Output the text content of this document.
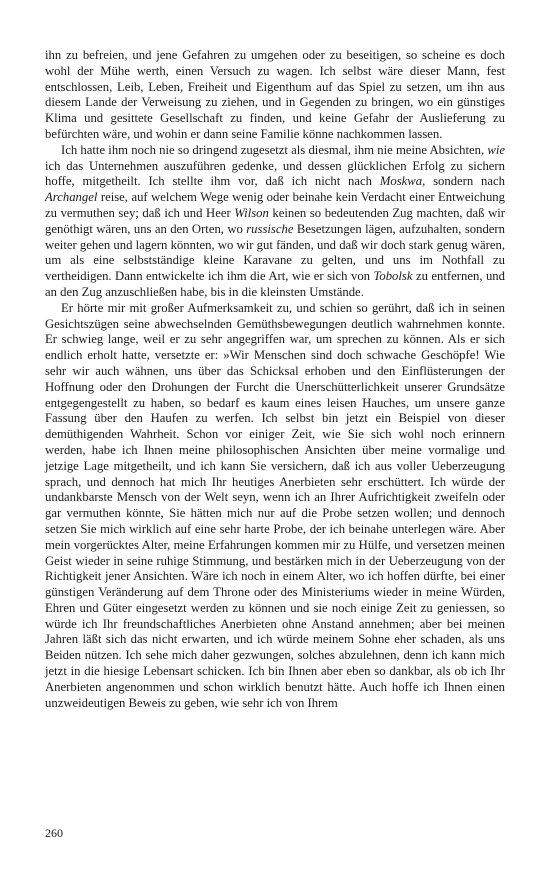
ihn zu befreien, und jene Gefahren zu umgehen oder zu beseitigen, so scheine es doch wohl der Mühe werth, einen Versuch zu wagen. Ich selbst wäre dieser Mann, fest entschlossen, Leib, Leben, Freiheit und Eigenthum auf das Spiel zu setzen, um ihn aus diesem Lande der Verweisung zu ziehen, und in Gegenden zu bringen, wo ein günstiges Klima und gesittete Gesellschaft zu finden, und keine Gefahr der Auslieferung zu befürchten wäre, und wohin er dann seine Familie könne nachkommen lassen.

Ich hatte ihm noch nie so dringend zugesetzt als diesmal, ihm nie meine Absichten, wie ich das Unternehmen auszuführen gedenke, und dessen glücklichen Erfolg zu sichern hoffe, mitgetheilt. Ich stellte ihm vor, daß ich nicht nach Moskwa, sondern nach Archangel reise, auf welchem Wege wenig oder beinahe kein Verdacht einer Entweichung zu vermuthen sey; daß ich und Heer Wilson keinen so bedeutenden Zug machten, daß wir genöthigt wären, uns an den Orten, wo russische Besetzungen lägen, aufzuhalten, sondern weiter gehen und lagern könnten, wo wir gut fänden, und daß wir doch stark genug wären, um als eine selbstständige kleine Karavane zu gelten, und uns im Nothfall zu vertheidigen. Dann entwickelte ich ihm die Art, wie er sich von Tobolsk zu entfernen, und an den Zug anzuschließen habe, bis in die kleinsten Umstände.

Er hörte mir mit großer Aufmerksamkeit zu, und schien so gerührt, daß ich in seinen Gesichtszügen seine abwechselnden Gemüthsbewegungen deutlich wahrnehmen konnte. Er schwieg lange, weil er zu sehr angegriffen war, um sprechen zu können. Als er sich endlich erholt hatte, versetzte er: »Wir Menschen sind doch schwache Geschöpfe! Wie sehr wir auch wähnen, uns über das Schicksal erhoben und den Einflüsterungen der Hoffnung oder den Drohungen der Furcht die Unerschütterlichkeit unserer Grundsätze entgegengestellt zu haben, so bedarf es kaum eines leisen Hauches, um unsere ganze Fassung über den Haufen zu werfen. Ich selbst bin jetzt ein Beispiel von dieser demüthigenden Wahrheit. Schon vor einiger Zeit, wie Sie sich wohl noch erinnern werden, habe ich Ihnen meine philosophischen Ansichten über meine vormalige und jetzige Lage mitgetheilt, und ich kann Sie versichern, daß ich aus voller Ueberzeugung sprach, und dennoch hat mich Ihr heutiges Anerbieten sehr erschüttert. Ich würde der undankbarste Mensch von der Welt seyn, wenn ich an Ihrer Aufrichtigkeit zweifeln oder gar vermuthen könnte, Sie hätten mich nur auf die Probe setzen wollen; und dennoch setzen Sie mich wirklich auf eine sehr harte Probe, der ich beinahe unterlegen wäre. Aber mein vorgerücktes Alter, meine Erfahrungen kommen mir zu Hülfe, und versetzen meinen Geist wieder in seine ruhige Stimmung, und bestärken mich in der Ueberzeugung von der Richtigkeit jener Ansichten. Wäre ich noch in einem Alter, wo ich hoffen dürfte, bei einer günstigen Veränderung auf dem Throne oder des Ministeriums wieder in meine Würden, Ehren und Güter eingesetzt werden zu können und sie noch einige Zeit zu geniessen, so würde ich Ihr freundschaftliches Anerbieten ohne Anstand annehmen; aber bei meinen Jahren läßt sich das nicht erwarten, und ich würde meinem Sohne eher schaden, als uns Beiden nützen. Ich sehe mich daher gezwungen, solches abzulehnen, denn ich kann mich jetzt in die hiesige Lebensart schicken. Ich bin Ihnen aber eben so dankbar, als ob ich Ihr Anerbieten angenommen und schon wirklich benutzt hätte. Auch hoffe ich Ihnen einen unzweideutigen Beweis zu geben, wie sehr ich von Ihrem

260
